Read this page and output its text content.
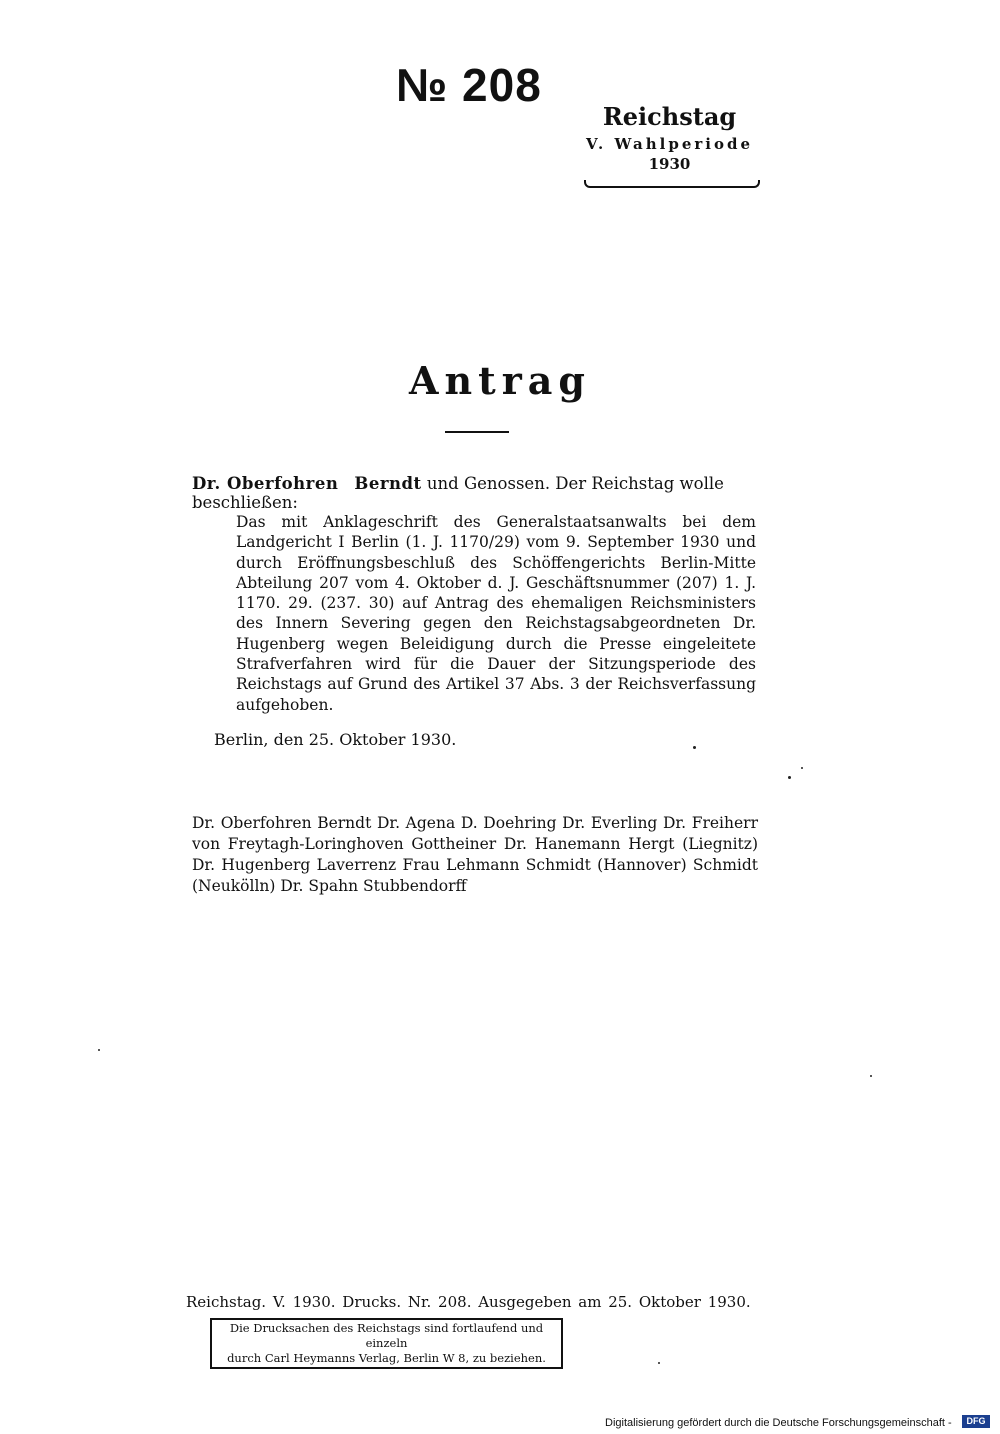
№ 208
Reichstag
V. Wahlperiode
1930
Antrag
Dr. Oberfohren Berndt und Genossen. Der Reichstag wolle beschließen:
Das mit Anklageschrift des Generalstaatsanwalts bei dem Landgericht I Berlin (1. J. 1170/29) vom 9. September 1930 und durch Eröffnungsbeschluß des Schöffengerichts Berlin-Mitte Abteilung 207 vom 4. Oktober d. J. Geschäftsnummer (207) 1. J. 1170. 29. (237. 30) auf Antrag des ehemaligen Reichsministers des Innern Severing gegen den Reichstagsabgeordneten Dr. Hugenberg wegen Beleidigung durch die Presse eingeleitete Strafverfahren wird für die Dauer der Sitzungsperiode des Reichstags auf Grund des Artikel 37 Abs. 3 der Reichsverfassung aufgehoben.
Berlin, den 25. Oktober 1930.
Dr. Oberfohren Berndt Dr. Agena D. Doehring Dr. Everling Dr. Freiherr von Freytagh-Loringhoven Gottheiner Dr. Hanemann Hergt (Liegnitz) Dr. Hugenberg Laverrenz Frau Lehmann Schmidt (Hannover) Schmidt (Neukölln) Dr. Spahn Stubbendorff
Reichstag. V. 1930. Drucks. Nr. 208. Ausgegeben am 25. Oktober 1930.
Die Drucksachen des Reichstags sind fortlaufend und einzeln
durch Carl Heymanns Verlag, Berlin W 8, zu beziehen.
Digitalisierung gefördert durch die Deutsche Forschungsgemeinschaft -	DFG
